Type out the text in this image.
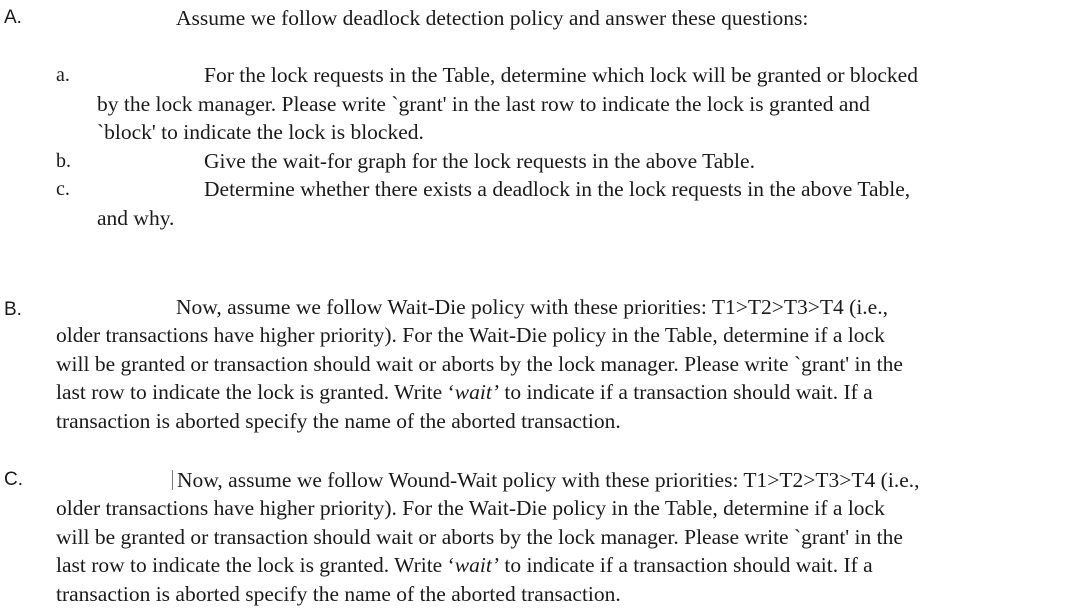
A.	Assume we follow deadlock detection policy and answer these questions:
a.	For the lock requests in the Table, determine which lock will be granted or blocked
by the lock manager. Please write `grant' in the last row to indicate the lock is granted and
`block' to indicate the lock is blocked.
b.	Give the wait-for graph for the lock requests in the above Table.
c.	Determine whether there exists a deadlock in the lock requests in the above Table,
and why.
B.	Now, assume we follow Wait-Die policy with these priorities: T1>T2>T3>T4 (i.e.,
older transactions have higher priority). For the Wait-Die policy in the Table, determine if a lock
will be granted or transaction should wait or aborts by the lock manager. Please write `grant' in the
last row to indicate the lock is granted. Write ‘wait’ to indicate if a transaction should wait. If a
transaction is aborted specify the name of the aborted transaction.
C.	Now, assume we follow Wound-Wait policy with these priorities: T1>T2>T3>T4 (i.e.,
older transactions have higher priority). For the Wait-Die policy in the Table, determine if a lock
will be granted or transaction should wait or aborts by the lock manager. Please write `grant' in the
last row to indicate the lock is granted. Write ‘wait’ to indicate if a transaction should wait. If a
transaction is aborted specify the name of the aborted transaction.
